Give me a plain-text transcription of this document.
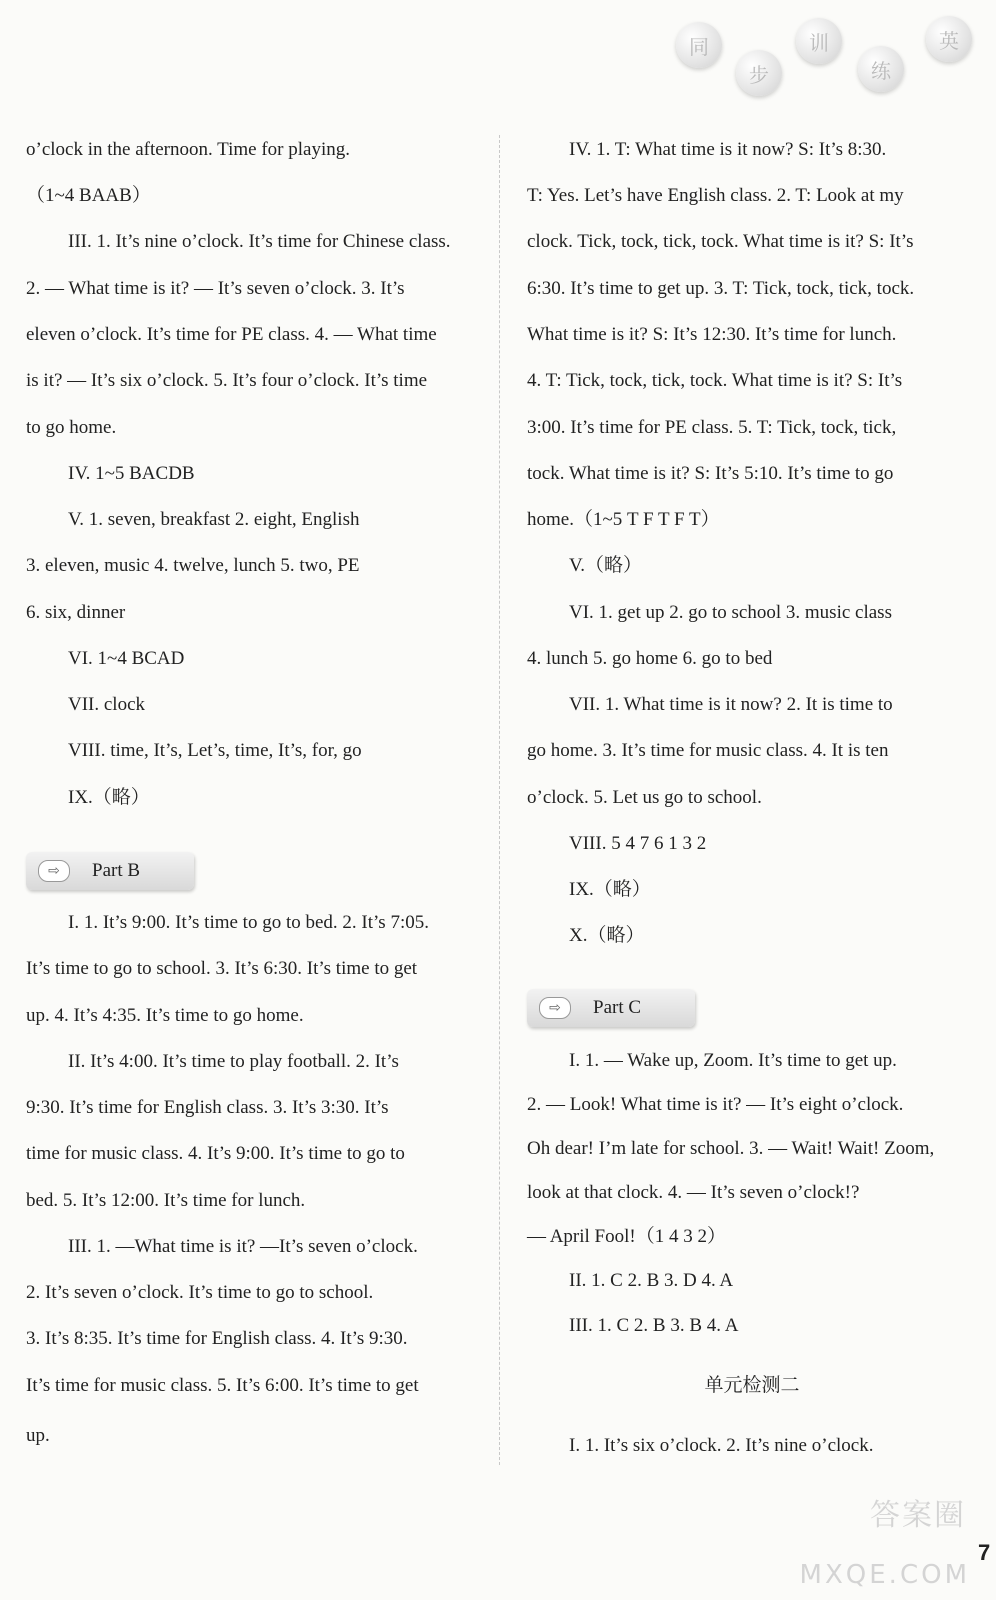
同
步
训
练
英
o’clock in the afternoon. Time for playing.
（1~4 BAAB）
III. 1. It’s nine o’clock. It’s time for Chinese class.
2. — What time is it? — It’s seven o’clock. 3. It’s
eleven o’clock. It’s time for PE class. 4. — What time
is it? — It’s six o’clock. 5. It’s four o’clock. It’s time
to go home.
IV. 1~5 BACDB
V. 1. seven, breakfast 2. eight, English
3. eleven, music 4. twelve, lunch 5. two, PE
6. six, dinner
VI. 1~4 BCAD
VII. clock
VIII. time, It’s, Let’s, time, It’s, for, go
IX.（略）
⇨	Part B
I. 1. It’s 9:00. It’s time to go to bed. 2. It’s 7:05.
It’s time to go to school. 3. It’s 6:30. It’s time to get
up. 4. It’s 4:35. It’s time to go home.
II. It’s 4:00. It’s time to play football. 2. It’s
9:30. It’s time for English class. 3. It’s 3:30. It’s
time for music class. 4. It’s 9:00. It’s time to go to
bed. 5. It’s 12:00. It’s time for lunch.
III. 1. —What time is it? —It’s seven o’clock.
2. It’s seven o’clock. It’s time to go to school.
3. It’s 8:35. It’s time for English class. 4. It’s 9:30.
It’s time for music class. 5. It’s 6:00. It’s time to get
up.
IV. 1. T: What time is it now? S: It’s 8:30.
T: Yes. Let’s have English class. 2. T: Look at my
clock. Tick, tock, tick, tock. What time is it? S: It’s
6:30. It’s time to get up. 3. T: Tick, tock, tick, tock.
What time is it? S: It’s 12:30. It’s time for lunch.
4. T: Tick, tock, tick, tock. What time is it? S: It’s
3:00. It’s time for PE class. 5. T: Tick, tock, tick,
tock. What time is it? S: It’s 5:10. It’s time to go
home.（1~5 T F T F T）
V.（略）
VI. 1. get up 2. go to school 3. music class
4. lunch 5. go home 6. go to bed
VII. 1. What time is it now? 2. It is time to
go home. 3. It’s time for music class. 4. It is ten
o’clock. 5. Let us go to school.
VIII. 5 4 7 6 1 3 2
IX.（略）
X.（略）
⇨	Part C
I. 1. — Wake up, Zoom. It’s time to get up.
2. — Look! What time is it? — It’s eight o’clock.
Oh dear! I’m late for school. 3. — Wait! Wait! Zoom,
look at that clock. 4. — It’s seven o’clock!?
— April Fool!（1 4 3 2）
II. 1. C 2. B 3. D 4. A
III. 1. C 2. B 3. B 4. A
单元检测二
I. 1. It’s six o’clock. 2. It’s nine o’clock.
答案圈
MXQE.COM
7
